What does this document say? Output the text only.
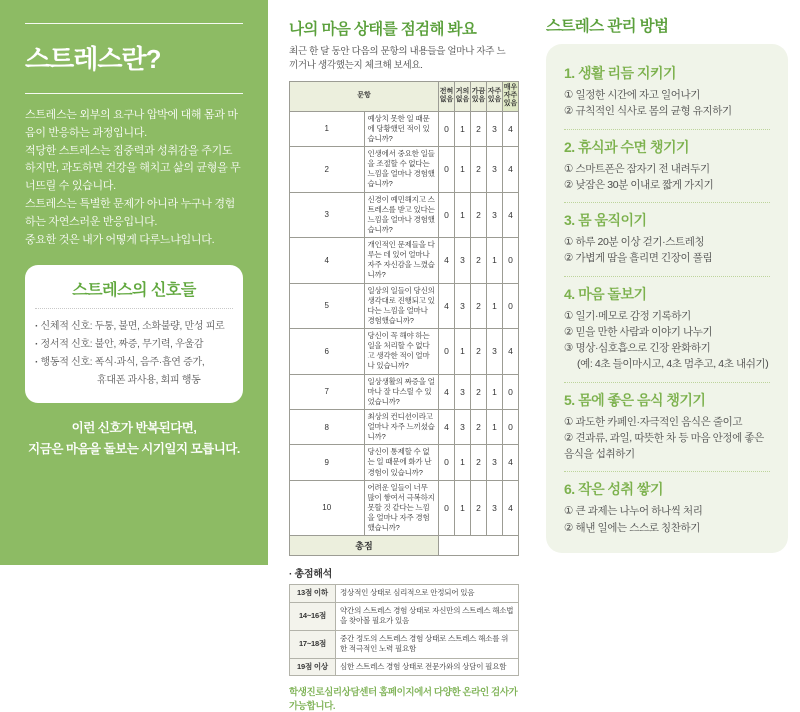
스트레스란?

스트레스는 외부의 요구나 압박에 대해 몸과 마음이 반응하는 과정입니다.

적당한 스트레스는 집중력과 성취감을 주기도 하지만, 과도하면 건강을 해치고 삶의 균형을 무너뜨릴 수 있습니다.

스트레스는 특별한 문제가 아니라 누구나 경험하는 자연스러운 반응입니다.

중요한 것은 내가 어떻게 다루느냐입니다.

스트레스의 신호들
· 신체적 신호: 두통, 불면, 소화불량, 만성 피로
· 정서적 신호: 불안, 짜증, 무기력, 우울감
· 행동적 신호: 폭식·과식, 음주·흡연 증가,
휴대폰 과사용, 회피 행동
이런 신호가 반복된다면,
지금은 마음을 돌보는 시기일지 모릅니다.
나의 마음 상태를 점검해 봐요

최근 한 달 동안 다음의 문항의 내용들을 얼마나 자주 느끼거나 생각했는지 체크해 보세요.

문항		전혀 없음	거의 없음	가끔 있음	자주 있음	매우 자주 있음
1	예상치 못한 일 때문에 당황했던 적이 있습니까?	0	1	2	3	4
2	인생에서 중요한 일들을 조절할 수 없다는 느낌을 얼마나 경험했습니까?	0	1	2	3	4
3	신경이 예민해지고 스트레스를 받고 있다는 느낌을 얼마나 경험했습니까?	0	1	2	3	4
4	개인적인 문제들을 다루는 데 있어 얼마나 자주 자신감을 느꼈습니까?	4	3	2	1	0
5	일상의 일들이 당신의 생각대로 진행되고 있다는 느낌을 얼마나 경험했습니까?	4	3	2	1	0
6	당신이 꼭 해야 하는 일을 처리할 수 없다고 생각한 적이 얼마나 있습니까?	0	1	2	3	4
7	일상생활의 짜증을 얼마나 잘 다스릴 수 있었습니까?	4	3	2	1	0
8	최상의 컨디션이라고 얼마나 자주 느끼셨습니까?	4	3	2	1	0
9	당신이 통제할 수 없는 일 때문에 화가 난 경험이 있습니까?	0	1	2	3	4
10	어려운 일들이 너무 많이 쌓여서 극복하지 못할 것 같다는 느낌을 얼마나 자주 경험했습니까?	0	1	2	3	4
총점						

· 총점해석

13점 이하	정상적인 상태로 심리적으로 안정되어 있음
14~16점	약간의 스트레스 경험 상태로 자신만의 스트레스 해소법을 찾아볼 필요가 있음
17~18점	중간 정도의 스트레스 경험 상태로 스트레스 해소를 위한 적극적인 노력 필요함
19점 이상	심한 스트레스 경험 상태로 전문가와의 상담이 필요함

학생진로심리상담센터 홈페이지에서 다양한 온라인 검사가 가능합니다.

스트레스 관리 방법
1. 생활 리듬 지키기

① 일정한 시간에 자고 일어나기

② 규칙적인 식사로 몸의 균형 유지하기

2. 휴식과 수면 챙기기

① 스마트폰은 잠자기 전 내려두기

② 낮잠은 30분 이내로 짧게 가지기

3. 몸 움직이기

① 하루 20분 이상 걷기·스트레칭

② 가볍게 땀을 흘리면 긴장이 풀림

4. 마음 돌보기

① 일기·메모로 감정 기록하기

② 믿을 만한 사람과 이야기 나누기

③ 명상·심호흡으로 긴장 완화하기

(예: 4초 들이마시고, 4초 멈추고, 4초 내쉬기)

5. 몸에 좋은 음식 챙기기

① 과도한 카페인·자극적인 음식은 줄이고

② 견과류, 과일, 따뜻한 차 등 마음 안정에 좋은 음식을 섭취하기

6. 작은 성취 쌓기

① 큰 과제는 나누어 하나씩 처리

② 해낸 일에는 스스로 칭찬하기
